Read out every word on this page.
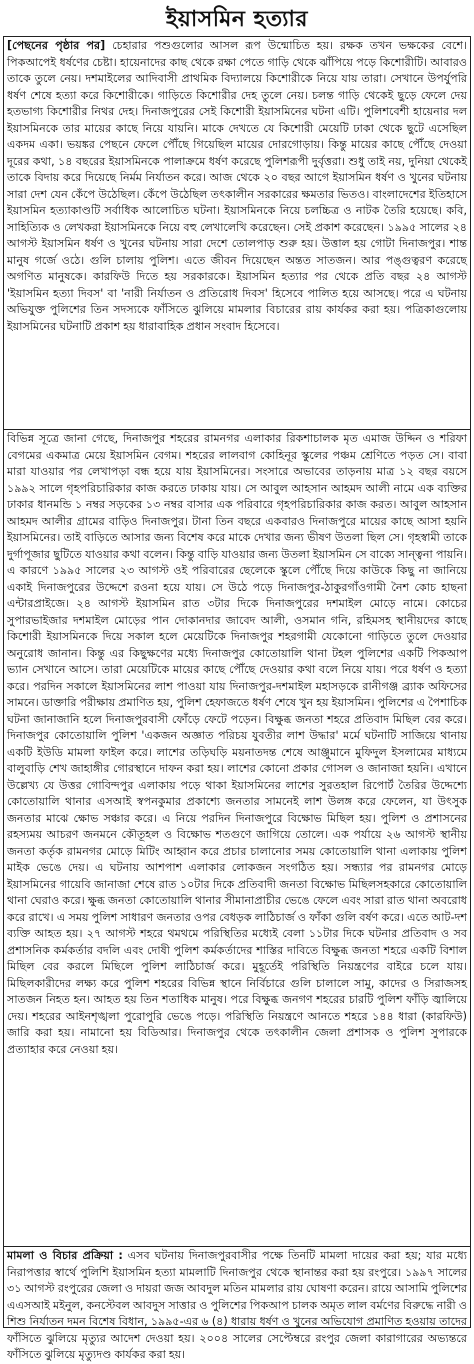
ইয়াসমিন হত্যার

[পেছনের পৃষ্ঠার পর] চেহারার পশুগুলোর আসল রূপ উন্মোচিত হয়। রক্ষক তখন ভক্ষকের বেশে। পিকআপেই ধর্ষণের চেষ্টা। হায়েনাদের কাছ থেকে রক্ষা পেতে গাড়ি থেকে ঝাঁপিয়ে পড়ে কিশোরীটি। আবারও তাকে তুলে নেয়। দশমাইলের আদিবাসী প্রাথমিক বিদ্যালয়ে কিশোরীকে নিয়ে যায় তারা। সেখানে উপর্যুপরি ধর্ষণ শেষে হত্যা করে কিশোরীকে। গাড়িতে কিশোরীর দেহ তুলে নেয়। চলন্ত গাড়ি থেকেই ছুড়ে ফেলে দেয় হতভাগ্য কিশোরীর নিথর দেহ। দিনাজপুরের সেই কিশোরী ইয়াসমিনের ঘটনা এটি। পুলিশবেশী হায়েনার দল ইয়াসমিনকে তার মায়ের কাছে নিয়ে যায়নি। মাকে দেখতে যে কিশোরী মেয়েটি ঢাকা থেকে ছুটে এসেছিল একদম একা। ভয়ঙ্কর পেছনে ফেলে পৌঁছে গিয়েছিল মায়ের দোরগোড়ায়। কিন্তু মায়ের কাছে পৌঁছে দেওয়া দূরের কথা, ১৪ বছরের ইয়াসমিনকে পালাক্রমে ধর্ষণ করেছে পুলিশরূপী দুর্বৃত্তরা। শুধু তাই নয়, দুনিয়া থেকেই তাকে বিদায় করে দিয়েছে নির্মম নির্যাতন করে। আজ থেকে ২০ বছর আগে ইয়াসমিন ধর্ষণ ও খুনের ঘটনায় সারা দেশ যেন কেঁপে উঠেছিল। কেঁপে উঠেছিল তৎকালীন সরকারের ক্ষমতার ভিতও। বাংলাদেশের ইতিহাসে ইয়াসমিন হত্যাকাণ্ডটি সর্বাধিক আলোচিত ঘটনা। ইয়াসমিনকে নিয়ে চলচ্চিত্র ও নাটক তৈরি হয়েছে। কবি, সাহিত্যিক ও লেখকরা ইয়াসমিনকে নিয়ে বহু লেখালেখি করেছেন। সেই প্রকাশ করেছেন। ১৯৯৫ সালের ২৪ আগস্ট ইয়াসমিন ধর্ষণ ও খুনের ঘটনায় সারা দেশে তোলপাড় শুরু হয়। উত্তাল হয় গোটা দিনাজপুর। শান্ত মানুষ গর্জে ওঠে। গুলি চালায় পুলিশ। এতে জীবন দিয়েছেন অন্তত সাতজন। আর পঙ্গুত্বরণ করেছে অগণিত মানুষকে। কারফিউ দিতে হয় সরকারকে। ইয়াসমিন হত্যার পর থেকে প্রতি বছর ২৪ আগস্ট 'ইয়াসমিন হত্যা দিবস' বা 'নারী নির্যাতন ও প্রতিরোধ দিবস' হিসেবে পালিত হয়ে আসছে। পরে এ ঘটনায় অভিযুক্ত পুলিশের তিন সদস্যকে ফাঁসিতে ঝুলিয়ে মামলার বিচারের রায় কার্যকর করা হয়। পত্রিকাগুলোয় ইয়াসমিনের ঘটনাটি প্রকাশ হয় ধারাবাহিক প্রধান সংবাদ হিসেবে।

বিভিন্ন সূত্রে জানা গেছে, দিনাজপুর শহরের রামনগর এলাকার রিকশাচালক মৃত এমাজ উদ্দিন ও শরিফা বেগমের একমাত্র মেয়ে ইয়াসমিন বেগম। শহরের লালবাগ কোহিনূর স্কুলের পঞ্চম শ্রেণিতে পড়ত সে। বাবা মারা যাওয়ার পর লেখাপড়া বন্ধ হয়ে যায় ইয়াসমিনের। সংসারে অভাবের তাড়নায় মাত্র ১২ বছর বয়সে ১৯৯২ সালে গৃহপরিচারিকার কাজ করতে ঢাকায় যায়। সে আবুল আহসান আহমদ আলী নামে এক ব্যক্তির ঢাকার ধানমন্ডি ১ নম্বর সড়কের ১৩ নম্বর বাসার এক পরিবারে গৃহপরিচারিকার কাজ করত। আবুল আহসান আহমদ আলীর গ্রামের বাড়িও দিনাজপুর। টানা তিন বছরে একবারও দিনাজপুরে মায়ের কাছে আসা হয়নি ইয়াসমিনের। তাই বাড়িতে আসার জন্য বিশেষ করে মাকে দেখার জন্য ভীষণ উতলা ছিল সে। গৃহস্বামী তাকে দুর্গাপূজার ছুটিতে যাওয়ার কথা বলেন। কিন্তু বাড়ি যাওয়ার জন্য উতলা ইয়াসমিন সে বাক্যে সান্ত্বনা পায়নি। এ কারণে ১৯৯৫ সালের ২৩ আগস্ট ওই পরিবারের ছেলেকে স্কুলে পৌঁছে দিয়ে কাউকে কিছু না জানিয়ে একাই দিনাজপুরের উদ্দেশে রওনা হয়ে যায়। সে উঠে পড়ে দিনাজপুর-ঠাকুরগাঁওগামী নৈশ কোচ হাছনা এন্টারপ্রাইজে। ২৪ আগস্ট ইয়াসমিন রাত ৩টার দিকে দিনাজপুরের দশমাইল মোড়ে নামে। কোচের সুপারভাইজার দশমাইল মোড়ের পান দোকানদার জাবেদ আলী, ওসমান গনি, রহিমসহ স্থানীয়দের কাছে কিশোরী ইয়াসমিনকে দিয়ে সকাল হলে মেয়েটিকে দিনাজপুর শহরগামী যেকোনো গাড়িতে তুলে দেওয়ার অনুরোধ জানান। কিন্তু এর কিছুক্ষণের মধ্যে দিনাজপুর কোতোয়ালি থানা টহল পুলিশের একটি পিকআপ ভ্যান সেখানে আসে। তারা মেয়েটিকে মায়ের কাছে পৌঁছে দেওয়ার কথা বলে নিয়ে যায়। পরে ধর্ষণ ও হত্যা করে। পরদিন সকালে ইয়াসমিনের লাশ পাওয়া যায় দিনাজপুর-দশমাইল মহাসড়কে রানীগঞ্জ ব্র্যাক অফিসের সামনে। ডাক্তারি পরীক্ষায় প্রমাণিত হয়, পুলিশ হেফাজতে ধর্ষণ শেষে খুন হয় ইয়াসমিন। পুলিশের এ পৈশাচিক ঘটনা জানাজানি হলে দিনাজপুরবাসী ফোঁড়ে ফেটে পড়েন। বিক্ষুব্ধ জনতা শহরে প্রতিবাদ মিছিল বের করে। দিনাজপুর কোতোয়ালি পুলিশ 'একজন অজ্ঞাত পরিচয় যুবতীর লাশ উদ্ধার' মর্মে ঘটনাটি সাজিয়ে থানায় একটি ইউডি মামলা ফাইল করে। লাশের তড়িঘড়ি ময়নাতদন্ত শেষে আঞ্জুমানে মুফিদুল ইসলামের মাধ্যমে বালুবাড়ি শেখ জাহাঙ্গীর গোরস্থানে দাফন করা হয়। লাশের কোনো প্রকার গোসল ও জানাজা হয়নি। এখানে উল্লেখ্য যে উত্তর গোবিন্দপুর এলাকায় পড়ে থাকা ইয়াসমিনের লাশের সুরতহাল রিপোর্ট তৈরির উদ্দেশ্যে কোতোয়ালি থানার এসআই স্বপনকুমার প্রকাশ্যে জনতার সামনেই লাশ উলঙ্গ করে ফেলেন, যা উৎসুক জনতার মাঝে ক্ষোভ সঞ্চার করে। এ নিয়ে পরদিন দিনাজপুরে বিক্ষোভ মিছিল হয়। পুলিশ ও প্রশাসনের রহস্যময় আচরণ জনমনে কৌতূহল ও বিক্ষোভ শতগুণে জাগিয়ে তোলে। এক পর্যায়ে ২৬ আগস্ট স্থানীয় জনতা কর্তৃক রামনগর মোড়ে মিটিং আহ্বান করে প্রচার চালানোর সময় কোতোয়ালি থানা এলাকায় পুলিশ মাইক ভেঙে দেয়। এ ঘটনায় আশপাশ এলাকার লোকজন সংগঠিত হয়। সন্ধ্যার পর রামনগর মোড়ে ইয়াসমিনের গায়েবি জানাজা শেষে রাত ১০টার দিকে প্রতিবাদী জনতা বিক্ষোভ মিছিলসহকারে কোতোয়ালি থানা ঘেরাও করে। ক্ষুব্ধ জনতা কোতোয়ালি থানার সীমানাপ্রাচীর ভেঙে ফেলে এবং সারা রাত থানা অবরোধ করে রাখে। এ সময় পুলিশ সাধারণ জনতার ওপর বেধড়ক লাঠিচার্জ ও ফাঁকা গুলি বর্ষণ করে। এতে আট-দশ ব্যক্তি আহত হয়। ২৭ আগস্ট শহরে থমথমে পরিস্থিতির মধ্যেই বেলা ১১টার দিকে ঘটনার প্রতিবাদ ও সব প্রশাসনিক কর্মকর্তার বদলি এবং দোষী পুলিশ কর্মকর্তাদের শাস্তির দাবিতে বিক্ষুব্ধ জনতা শহরে একটি বিশাল মিছিল বের করলে মিছিলে পুলিশ লাঠিচার্জ করে। মুহূর্তেই পরিস্থিতি নিয়ন্ত্রণের বাইরে চলে যায়। মিছিলকারীদের লক্ষ্য করে পুলিশ শহরের বিভিন্ন স্থানে নির্বিচারে গুলি চালালে সামু, কাদের ও সিরাজসহ সাতজন নিহত হন। আহত হয় তিন শতাধিক মানুষ। পরে বিক্ষুব্ধ জনগণ শহরের চারটি পুলিশ ফাঁড়ি জ্বালিয়ে দেয়। শহরের আইনশৃঙ্খলা পুরোপুরি ভেঙে পড়ে। পরিস্থিতি নিয়ন্ত্রণে আনতে শহরে ১৪৪ ধারা (কারফিউ) জারি করা হয়। নামানো হয় বিডিআর। দিনাজপুর থেকে তৎকালীন জেলা প্রশাসক ও পুলিশ সুপারকে প্রত্যাহার করে নেওয়া হয়।

মামলা ও বিচার প্রক্রিয়া : এসব ঘটনায় দিনাজপুরবাসীর পক্ষে তিনটি মামলা দায়ের করা হয়; যার মধ্যে নিরাপত্তার স্বার্থে পুলিশি ইয়াসমিন হত্যা মামলাটি দিনাজপুর থেকে স্থানান্তর করা হয় রংপুরে। ১৯৯৭ সালের ৩১ আগস্ট রংপুরের জেলা ও দায়রা জজ আবদুল মতিন মামলার রায় ঘোষণা করেন। রায়ে আসামি পুলিশের এএসআই মইনুল, কনস্টেবল আবদুস সাত্তার ও পুলিশের পিকআপ চালক অমৃত লাল বর্মণের বিরুদ্ধে নারী ও শিশু নির্যাতন দমন বিশেষ বিধান, ১৯৯৫-এর ৬ (৪) ধারায় ধর্ষণ ও খুনের অভিযোগ প্রমাণিত হওয়ায় তাদের ফাঁসিতে ঝুলিয়ে মৃত্যুর আদেশ দেওয়া হয়। ২০০৪ সালের সেপ্টেম্বরে রংপুর জেলা কারাগারের অভ্যন্তরে ফাঁসিতে ঝুলিয়ে মৃত্যুদণ্ড কার্যকর করা হয়।
